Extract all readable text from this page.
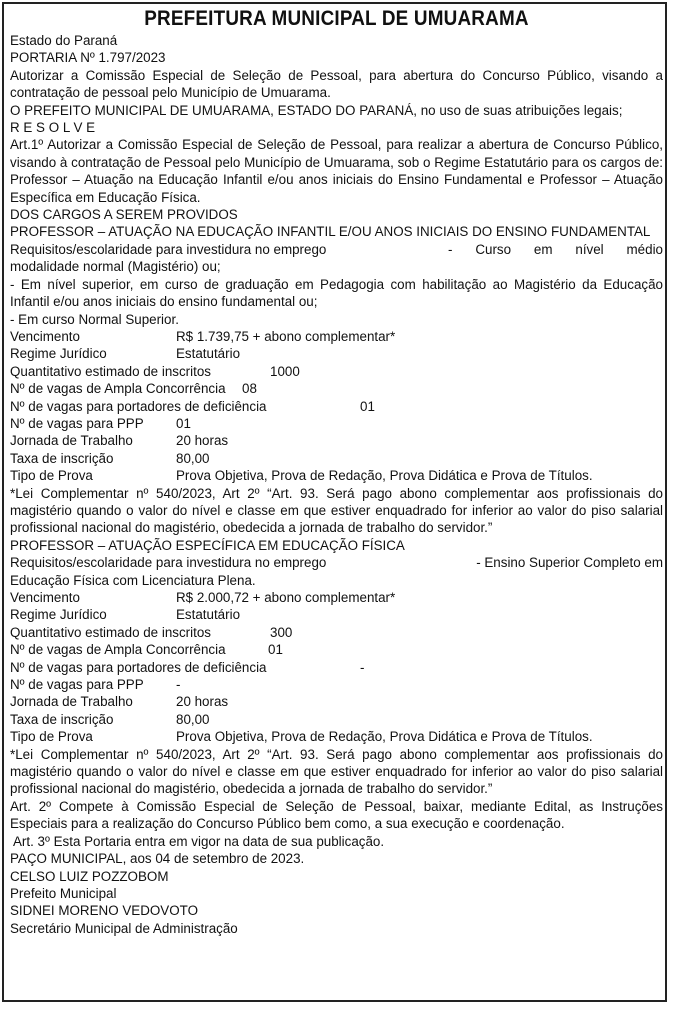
PREFEITURA MUNICIPAL DE UMUARAMA

Estado do Paraná

PORTARIA Nº 1.797/2023

Autorizar a Comissão Especial de Seleção de Pessoal, para abertura do Concurso Público, visando a contratação de pessoal pelo Município de Umuarama.

O PREFEITO MUNICIPAL DE UMUARAMA, ESTADO DO PARANÁ, no uso de suas atribuições legais;

R E S O L V E

Art.1º Autorizar a Comissão Especial de Seleção de Pessoal, para realizar a abertura de Concurso Público, visando à contratação de Pessoal pelo Município de Umuarama, sob o Regime Estatutário para os cargos de: Professor – Atuação na Educação Infantil e/ou anos iniciais do Ensino Fundamental e Professor – Atuação Específica em Educação Física.

DOS CARGOS A SEREM PROVIDOS

PROFESSOR – ATUAÇÃO NA EDUCAÇÃO INFANTIL E/OU ANOS INICIAIS DO ENSINO FUNDAMENTAL

Requisitos/escolaridade para investidura no emprego	- Curso em nível médio

modalidade normal (Magistério) ou;

- Em nível superior, em curso de graduação em Pedagogia com habilitação ao Magistério da Educação Infantil e/ou anos iniciais do ensino fundamental ou;

- Em curso Normal Superior.

Vencimento	R$ 1.739,75 + abono complementar*
Regime Jurídico	Estatutário
Quantitativo estimado de inscritos	1000
Nº de vagas de Ampla Concorrência	08
Nº de vagas para portadores de deficiência	01
Nº de vagas para PPP	01
Jornada de Trabalho	20 horas
Taxa de inscrição	80,00
Tipo de Prova	Prova Objetiva, Prova de Redação, Prova Didática e Prova de Títulos.

*Lei Complementar nº 540/2023, Art 2º “Art. 93. Será pago abono complementar aos profissionais do magistério quando o valor do nível e classe em que estiver enquadrado for inferior ao valor do piso salarial profissional nacional do magistério, obedecida a jornada de trabalho do servidor.”

PROFESSOR – ATUAÇÃO ESPECÍFICA EM EDUCAÇÃO FÍSICA

Requisitos/escolaridade para investidura no emprego	- Ensino Superior Completo em

Educação Física com Licenciatura Plena.

Vencimento	R$ 2.000,72 + abono complementar*
Regime Jurídico	Estatutário
Quantitativo estimado de inscritos	300
Nº de vagas de Ampla Concorrência	01
Nº de vagas para portadores de deficiência	-
Nº de vagas para PPP	-
Jornada de Trabalho	20 horas
Taxa de inscrição	80,00
Tipo de Prova	Prova Objetiva, Prova de Redação, Prova Didática e Prova de Títulos.

*Lei Complementar nº 540/2023, Art 2º “Art. 93. Será pago abono complementar aos profissionais do magistério quando o valor do nível e classe em que estiver enquadrado for inferior ao valor do piso salarial profissional nacional do magistério, obedecida a jornada de trabalho do servidor.”

Art. 2º Compete à Comissão Especial de Seleção de Pessoal, baixar, mediante Edital, as Instruções Especiais para a realização do Concurso Público bem como, a sua execução e coordenação.

Art. 3º Esta Portaria entra em vigor na data de sua publicação.

PAÇO MUNICIPAL, aos 04 de setembro de 2023.

CELSO LUIZ POZZOBOM

Prefeito Municipal

SIDNEI MORENO VEDOVOTO

Secretário Municipal de Administração
